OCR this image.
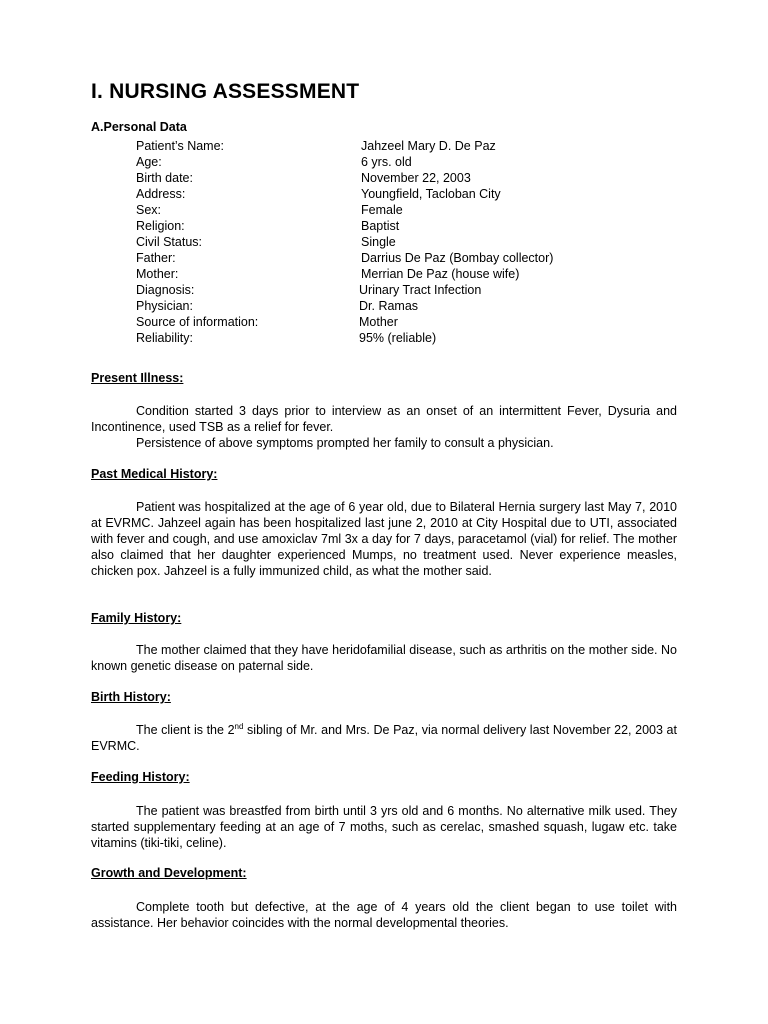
I. NURSING ASSESSMENT
A.Personal Data
Patient’s Name:	Jahzeel Mary D. De Paz
Age:	6 yrs. old
Birth date:	November 22, 2003
Address:	Youngfield, Tacloban City
Sex:	Female
Religion:	Baptist
Civil Status:	Single
Father:	Darrius De Paz (Bombay collector)
Mother:	Merrian De Paz (house wife)
Diagnosis:	Urinary Tract Infection
Physician:	Dr. Ramas
Source of information:	Mother
Reliability:	95% (reliable)
Present Illness:

Condition started 3 days prior to interview as an onset of an intermittent Fever, Dysuria and Incontinence, used TSB as a relief for fever.

Persistence of above symptoms prompted her family to consult a physician.

Past Medical History:

Patient was hospitalized at the age of 6 year old, due to Bilateral Hernia surgery last May 7, 2010 at EVRMC. Jahzeel again has been hospitalized last june 2, 2010 at City Hospital due to UTI, associated with fever and cough, and use amoxiclav 7ml 3x a day for 7 days, paracetamol (vial) for relief. The mother also claimed that her daughter experienced Mumps, no treatment used. Never experience measles, chicken pox. Jahzeel is a fully immunized child, as what the mother said.

Family History:

The mother claimed that they have heridofamilial disease, such as arthritis on the mother side. No known genetic disease on paternal side.

Birth History:

The client is the 2nd sibling of Mr. and Mrs. De Paz, via normal delivery last November 22, 2003 at EVRMC.

Feeding History:

The patient was breastfed from birth until 3 yrs old and 6 months. No alternative milk used. They started supplementary feeding at an age of 7 moths, such as cerelac, smashed squash, lugaw etc. take vitamins (tiki-tiki, celine).

Growth and Development:

Complete tooth but defective, at the age of 4 years old the client began to use toilet with assistance. Her behavior coincides with the normal developmental theories.
